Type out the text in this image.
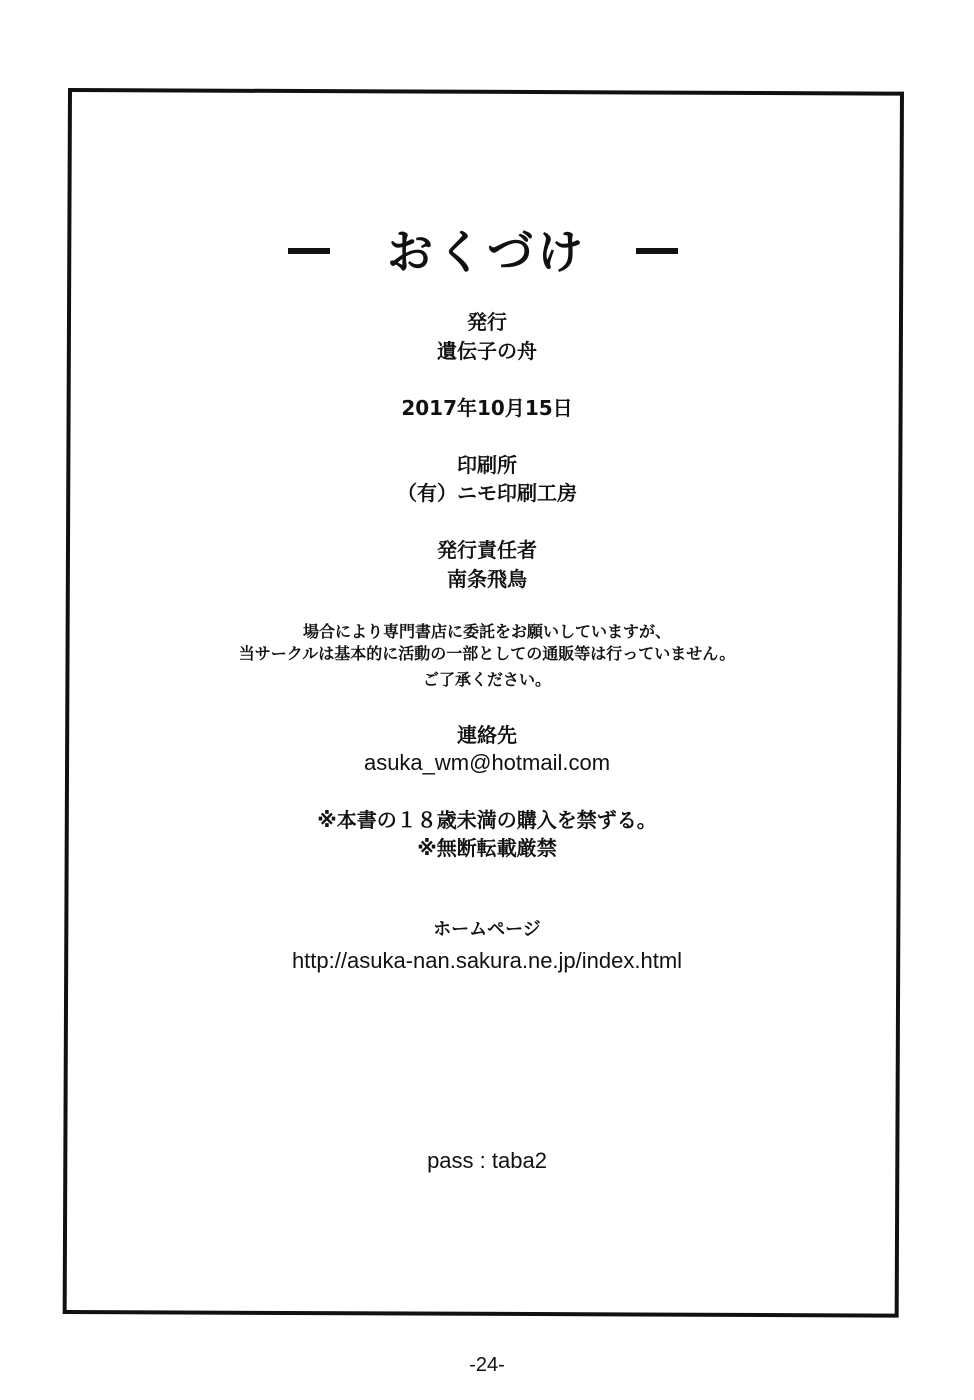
おくづけ
発行
遺伝子の舟
2017年10月15日
印刷所
（有）ニモ印刷工房
発行責任者
南条飛鳥
場合により専門書店に委託をお願いしていますが、
当サークルは基本的に活動の一部としての通販等は行っていません。
ご了承ください。
連絡先
asuka_wm@hotmail.com
※本書の１８歳未満の購入を禁ずる。
※無断転載厳禁
ホームページ
http://asuka-nan.sakura.ne.jp/index.html
pass : taba2
-24-
